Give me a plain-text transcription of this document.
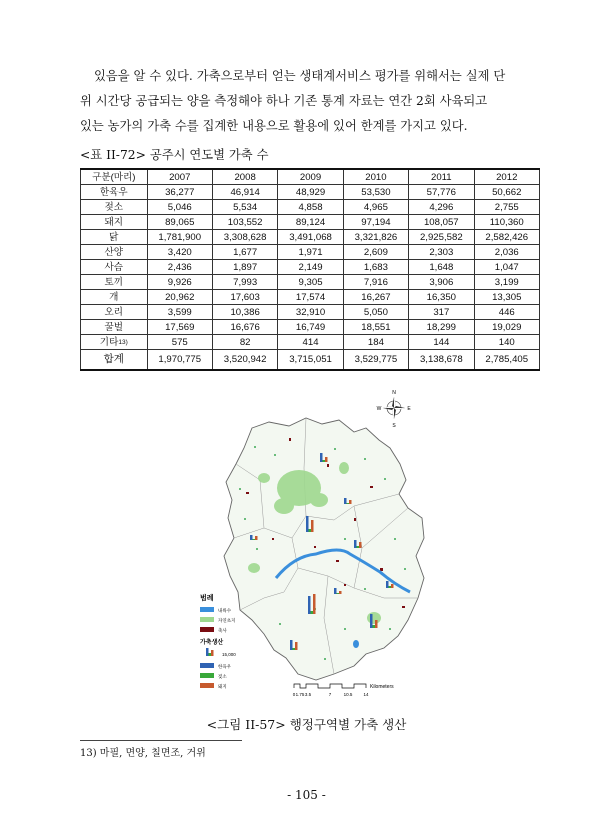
있음을 알 수 있다. 가축으로부터 얻는 생태계서비스 평가를 위해서는 실제 단

위 시간당 공급되는 양을 측정해야 하나 기존 통계 자료는 연간 2회 사육되고

있는 농가의 가축 수를 집계한 내용으로 활용에 있어 한계를 가지고 있다.

<표 II-72> 공주시 연도별 가축 수
구분(마리)	2007	2008	2009	2010	2011	2012
한육우	36,277	46,914	48,929	53,530	57,776	50,662
젖소	5,046	5,534	4,858	4,965	4,296	2,755
돼지	89,065	103,552	89,124	97,194	108,057	110,360
닭	1,781,900	3,308,628	3,491,068	3,321,826	2,925,582	2,582,426
산양	3,420	1,677	1,971	2,609	2,303	2,036
사슴	2,436	1,897	2,149	1,683	1,648	1,047
토끼	9,926	7,993	9,305	7,916	3,906	3,199
개	20,962	17,603	17,574	16,267	16,350	13,305
오리	3,599	10,386	32,910	5,050	317	446
꿀벌	17,569	16,676	16,749	18,551	18,299	19,029
기타$^{13)}$	575	82	414	184	144	140
합계	1,970,775	3,520,942	3,715,051	3,529,775	3,138,678	2,785,405
N
S
E
W
범례
내륙수
자연초지
축사
가축생산
15,000
한육우
젖소
돼지
0 1.75 3.5	7	10.5 14
Kilometers
<그림 II-57> 행정구역별 가축 생산
13) 마필, 면양, 칠면조, 거위
- 105 -
